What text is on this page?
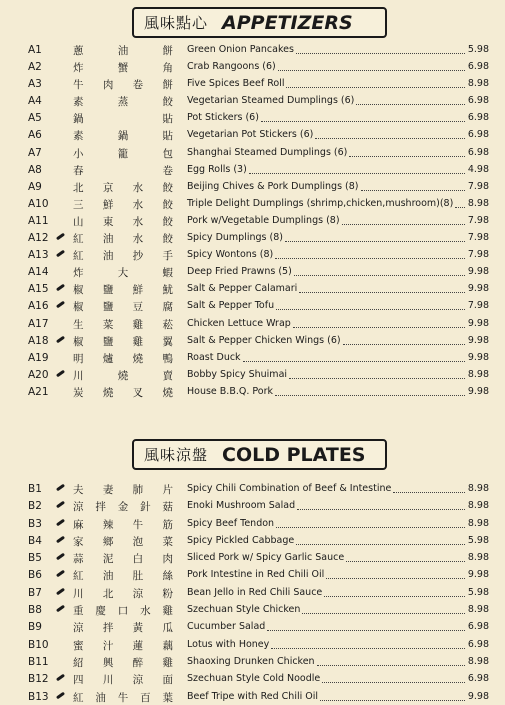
風味點心 APPETIZERS
A1	蔥	油	餅 Green Onion Pancakes	5.98
A2	炸	蟹	角 Crab Rangoons (6)	6.98
A3	牛 肉 卷 餅 Five Spices Beef Roll	8.98
A4	素	蒸	餃 Vegetarian Steamed Dumplings (6)	6.98
A5	鍋	貼 Pot Stickers (6)	6.98
A6	素	鍋	貼 Vegetarian Pot Stickers (6)	6.98
A7	小	籠	包 Shanghai Steamed Dumplings (6)	6.98
A8	春	卷 Egg Rolls (3)	4.98
A9	北 京 水 餃 Beijing Chives & Pork Dumplings (8)	7.98
A10 三 鮮 水 餃 Triple Delight Dumplings (shrimp,chicken,mushroom)(8) 8.98
A11 山 東 水 餃 Pork w/Vegetable Dumplings (8)	7.98
A12 紅 油 水 餃 Spicy Dumplings (8)	7.98
A13 紅 油 抄 手 Spicy Wontons (8)	7.98
A14 炸	大	蝦 Deep Fried Prawns (5)	9.98
A15 椒 鹽 鮮 魷 Salt & Pepper Calamari	9.98
A16 椒 鹽 豆 腐 Salt & Pepper Tofu	7.98
A17 生 菜 雞 菘 Chicken Lettuce Wrap	9.98
A18 椒 鹽 雞 翼 Salt & Pepper Chicken Wings (6)	9.98
A19 明 爐 燒 鴨 Roast Duck	9.98
A20 川	燒	賣 Bobby Spicy Shuimai	8.98
A21 炭 燒 叉 燒 House B.B.Q. Pork	9.98
風味涼盤 COLD PLATES
B1	夫 妻 肺 片 Spicy Chili Combination of Beef & Intestine	8.98
B2	涼 拌 金 針 菇 Enoki Mushroom Salad	8.98
B3	麻 辣 牛 筋 Spicy Beef Tendon	8.98
B4	家 鄉 泡 菜 Spicy Pickled Cabbage	5.98
B5	蒜 泥 白 肉 Sliced Pork w/ Spicy Garlic Sauce	8.98
B6	紅 油 肚 絲 Pork Intestine in Red Chili Oil	9.98
B7	川 北 涼 粉 Bean Jello in Red Chili Sauce	5.98
B8	重 慶 口 水 雞 Szechuan Style Chicken	8.98
B9	涼 拌 黃 瓜 Cucumber Salad	6.98
B10 蜜 汁 蓮 藕 Lotus with Honey	6.98
B11 紹 興 醉 雞 Shaoxing Drunken Chicken	8.98
B12 四 川 涼 面 Szechuan Style Cold Noodle	6.98
B13 紅 油 牛 百 葉 Beef Tripe with Red Chili Oil	9.98
